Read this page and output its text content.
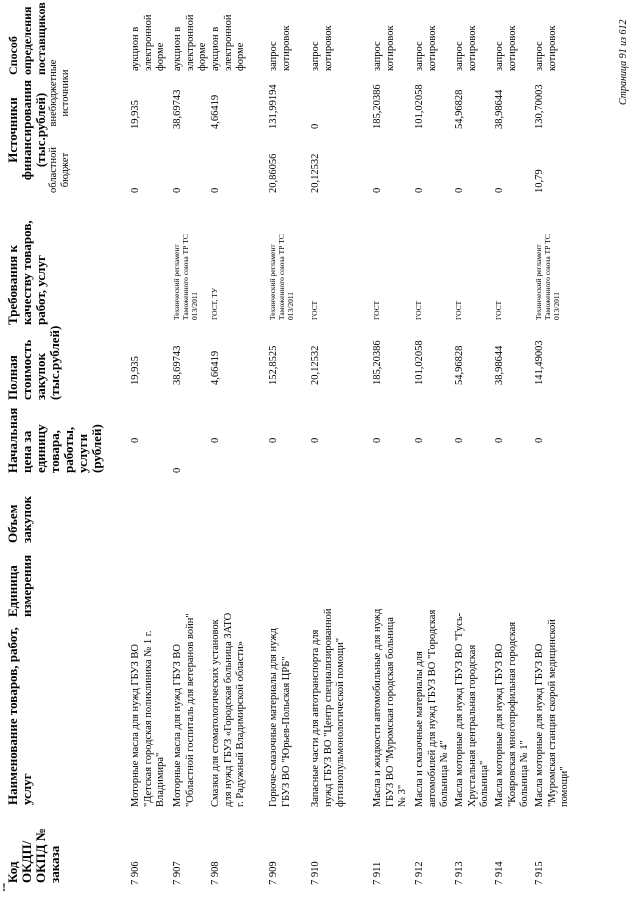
Код ОКДП/ ОКПД № заказа
Наименование товаров, работ, услуг
Единица измерения
Объем закупок
Начальная цена за единицу товара, работы, услуги (рублей)
Полная стоимость закупок (тыс.рублей)
Требования к качеству товаров, работ, услуг
Источники финансирования (тыс.рублей)
областной бюджет
внебюджетные источники
Способ определения поставщиков
7 906
Моторные масла для нужд ГБУЗ ВО "Детская городская поликлиника № 1 г. Владимира"
0
19,935
0
19,935
аукцион в электронной форме
7 907
Моторные масла для нужд ГБУЗ ВО "Областной госпиталь для ветеранов войн"
0
38,69743
Технический регламент Таможенного союза ТР ТС 013/2011
0
38,69743
аукцион в электронной форме
7 908
Смазки для стоматологических установок для нужд ГБУЗ «Городская больница ЗАТО г. Радужный Владимирской области»
0
4,66419
ГОСТ, ТУ
0
4,66419
аукцион в электронной форме
7 909
Горюче-смазочные материалы для нужд ГБУЗ ВО "Юрьев-Польская ЦРБ"
0
152,8525
Технический регламент Таможенного союза ТР ТС 013/2011
20,86056
131,99194
запрос котировок
7 910
Запасные части для автотранспорта для нужд ГБУЗ ВО "Центр специализированной фтизиопульмонологической помощи"
0
20,12532
ГОСТ
20,12532
0
запрос котировок
7 911
Масла и жидкости автомобильные для нужд ГБУЗ ВО "Муромская городская больница № 3"
0
185,20386
ГОСТ
0
185,20386
запрос котировок
7 912
Масла и смазочные материалы для автомобилей для нужд ГБУЗ ВО "Городская больница № 4"
0
101,02058
ГОСТ
0
101,02058
запрос котировок
7 913
Масла моторные для нужд ГБУЗ ВО "Гусь-Хрустальная центральная городская больница"
0
54,96828
ГОСТ
0
54,96828
запрос котировок
7 914
Масла моторные для нужд ГБУЗ ВО "Ковровская многопрофильная городская больница № 1"
0
38,98644
ГОСТ
0
38,98644
запрос котировок
7 915
Масла моторные для нужд ГБУЗ ВО "Муромская станция скорой медицинской помощи"
0
141,49003
Технический регламент Таможенного союза ТР ТС 013/2011
10,79
130,70003
запрос котировок	Страница 91 из 612
!
